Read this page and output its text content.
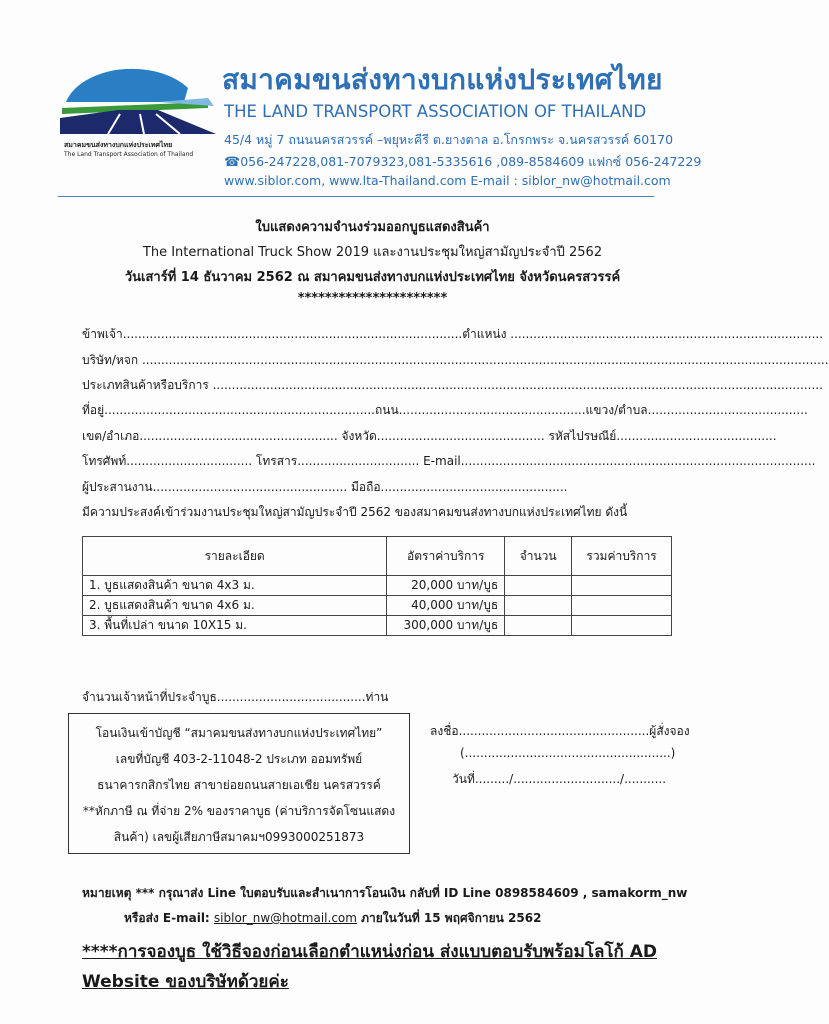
สมาคมขนส่งทางบกแห่งประเทศไทย
The Land Transport Association of Thailand
สมาคมขนส่งทางบกแห่งประเทศไทย
THE LAND TRANSPORT ASSOCIATION OF THAILAND
45/4 หมู่ 7 ถนนนครสวรรค์ –พยุหะคีรี ต.ยางตาล อ.โกรกพระ จ.นครสวรรค์ 60170
☎056-247228,081-7079323,081-5335616 ,089-8584609 แฟกซ์ 056-247229
www.siblor.com, www.lta-Thailand.com E-mail : siblor_nw@hotmail.com
ใบแสดงความจำนงร่วมออกบูธแสดงสินค้า
The International Truck Show 2019 และงานประชุมใหญ่สามัญประจำปี 2562
วันเสาร์ที่ 14 ธันวาคม 2562 ณ สมาคมขนส่งทางบกแห่งประเทศไทย จังหวัดนครสวรรค์
**********************
ข้าพเจ้า.........................................................................................ตำแหน่ง ..................................................................................
บริษัท/หจก ....................................................................................................................................................................................
ประเภทสินค้าหรือบริการ ................................................................................................................................................................
ที่อยู่.......................................................................ถนน.................................................แขวง/ตำบล..........................................
เขต/อำเภอ.................................................... จังหวัด............................................ รหัสไปรษณีย์..........................................
โทรศัพท์................................. โทรสาร................................ E-mail.............................................................................................
ผู้ประสานงาน................................................... มือถือ.................................................
มีความประสงค์เข้าร่วมงานประชุมใหญ่สามัญประจำปี 2562 ของสมาคมขนส่งทางบกแห่งประเทศไทย ดังนี้
รายละเอียด	อัตราค่าบริการ	จำนวน	รวมค่าบริการ
1. บูธแสดงสินค้า ขนาด 4x3 ม.	20,000 บาท/บูธ		
2. บูธแสดงสินค้า ขนาด 4x6 ม.	40,000 บาท/บูธ		
3. พื้นที่เปล่า ขนาด 10X15 ม.	300,000 บาท/บูธ		
จำนวนเจ้าหน้าที่ประจำบูธ.......................................ท่าน
โอนเงินเข้าบัญชี “สมาคมขนส่งทางบกแห่งประเทศไทย”
เลขที่บัญชี 403-2-11048-2 ประเภท ออมทรัพย์
ธนาคารกสิกรไทย สาขาย่อยถนนสายเอเชีย นครสวรรค์
**หักภาษี ณ ที่จ่าย 2% ของราคาบูธ (ค่าบริการจัดโซนแสดง
สินค้า) เลขผู้เสียภาษีสมาคมฯ0993000251873
ลงชื่อ..................................................ผู้สั่งจอง
(......................................................)
วันที่........./............................/...........
หมายเหตุ *** กรุณาส่ง Line ใบตอบรับและสำเนาการโอนเงิน กลับที่ ID Line 0898584609 , samakorm_nw
หรือส่ง E-mail: siblor_nw@hotmail.com ภายในวันที่ 15 พฤศจิกายน 2562
****การจองบูธ ใช้วิธีจองก่อนเลือกตำแหน่งก่อน ส่งแบบตอบรับพร้อมโลโก้ AD
Website ของบริษัทด้วยค่ะ
